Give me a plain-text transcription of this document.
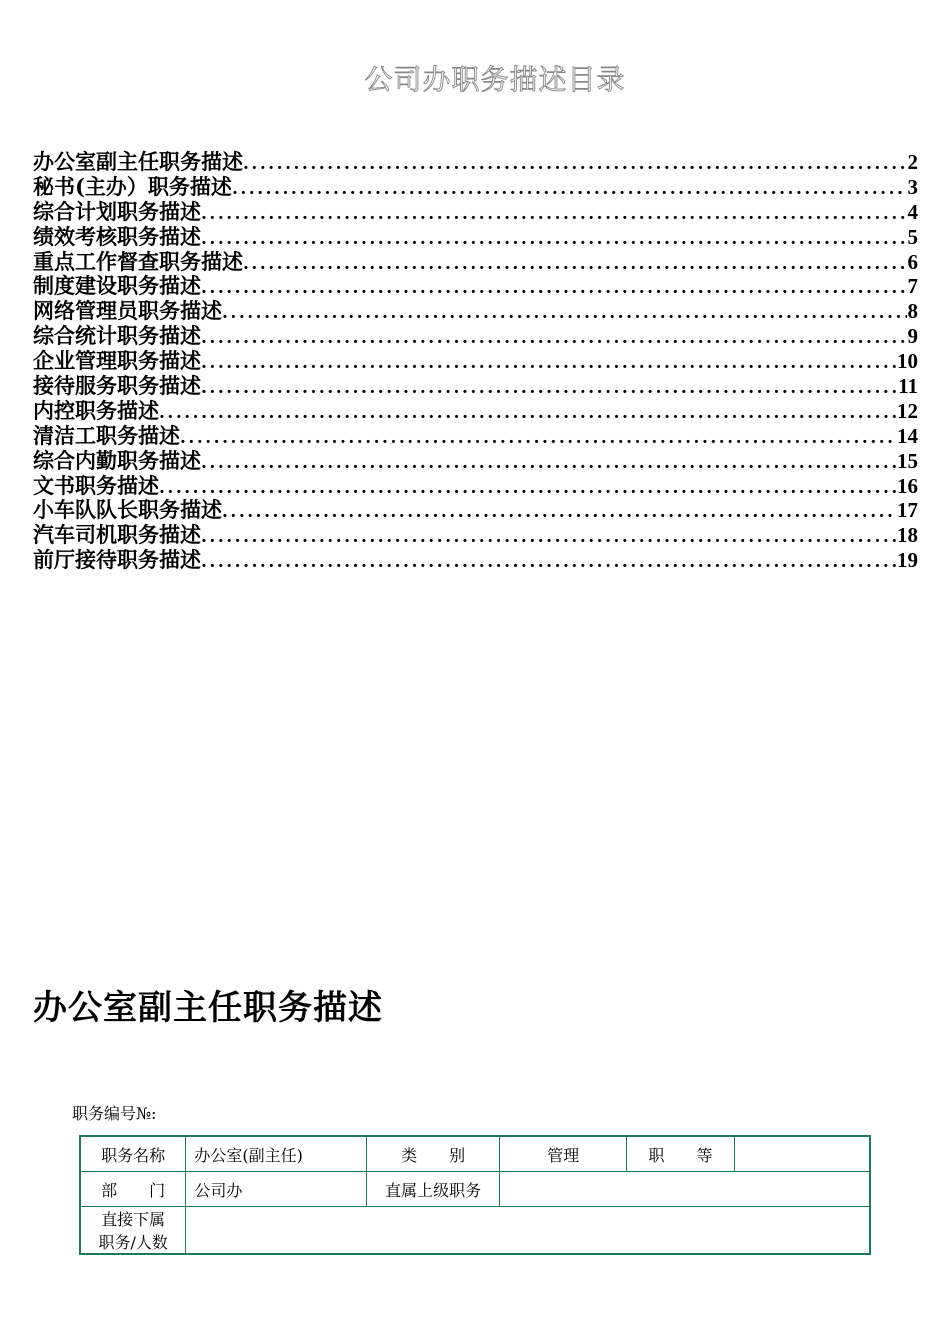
公司办职务描述目录
办公室副主任职务描述 .....	2
秘书(主办）职务描述 .....	3
综合计划职务描述 .....	4
绩效考核职务描述 .....	5
重点工作督查职务描述 .....	6
制度建设职务描述 .....	7
网络管理员职务描述 .....	8
综合统计职务描述 .....	9
企业管理职务描述 .....	10
接待服务职务描述 .....	11
内控职务描述 .....	12
清洁工职务描述 .....	14
综合内勤职务描述 .....	15
文书职务描述 .....	16
小车队队长职务描述 .....	17
汽车司机职务描述 .....	18
前厅接待职务描述 .....	19
办公室副主任职务描述
职务编号№:
职务名称	办公室(副主任)	类　　别	管理	职　　等	
部　　门	公司办	直属上级职务			

直接下属
职务/人数					
